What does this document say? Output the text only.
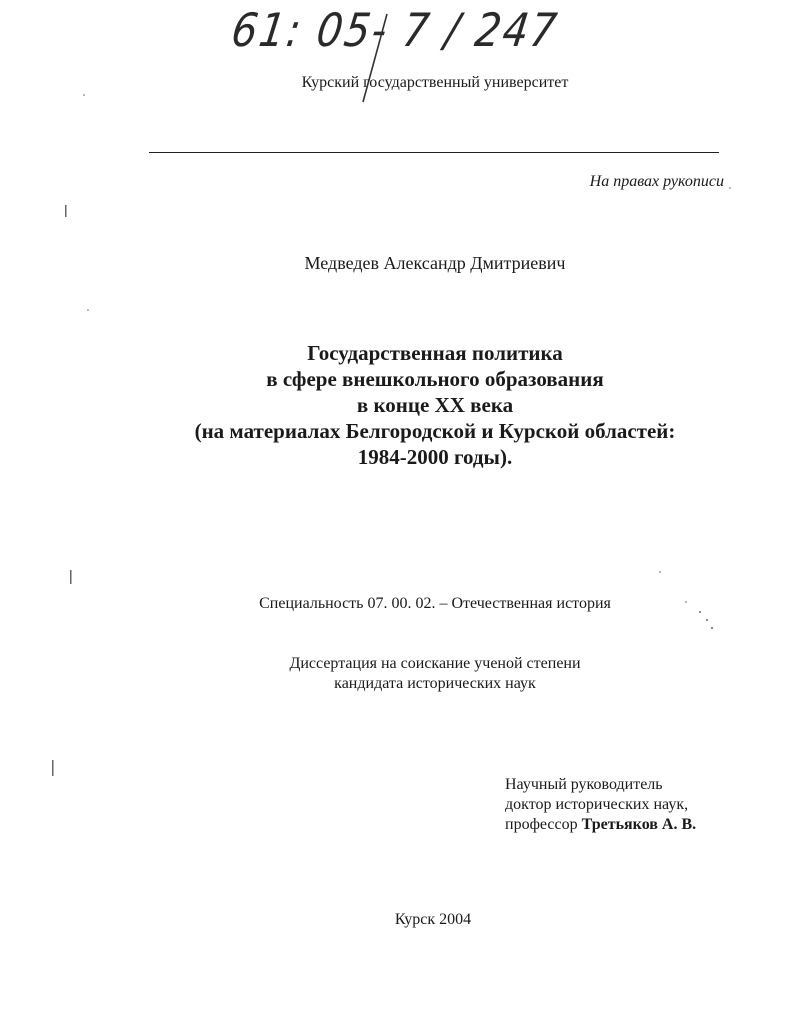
61: 05- 7 / 247
Курский государственный университет
На правах рукописи
Медведев Александр Дмитриевич
Государственная политика
в сфере внешкольного образования
в конце XX века
(на материалах Белгородской и Курской областей:
1984-2000 годы).
Специальность 07. 00. 02. – Отечественная история
Диссертация на соискание ученой степени
кандидата исторических наук
Научный руководитель
доктор исторических наук,
профессор Третьяков А. В.
Курск 2004
